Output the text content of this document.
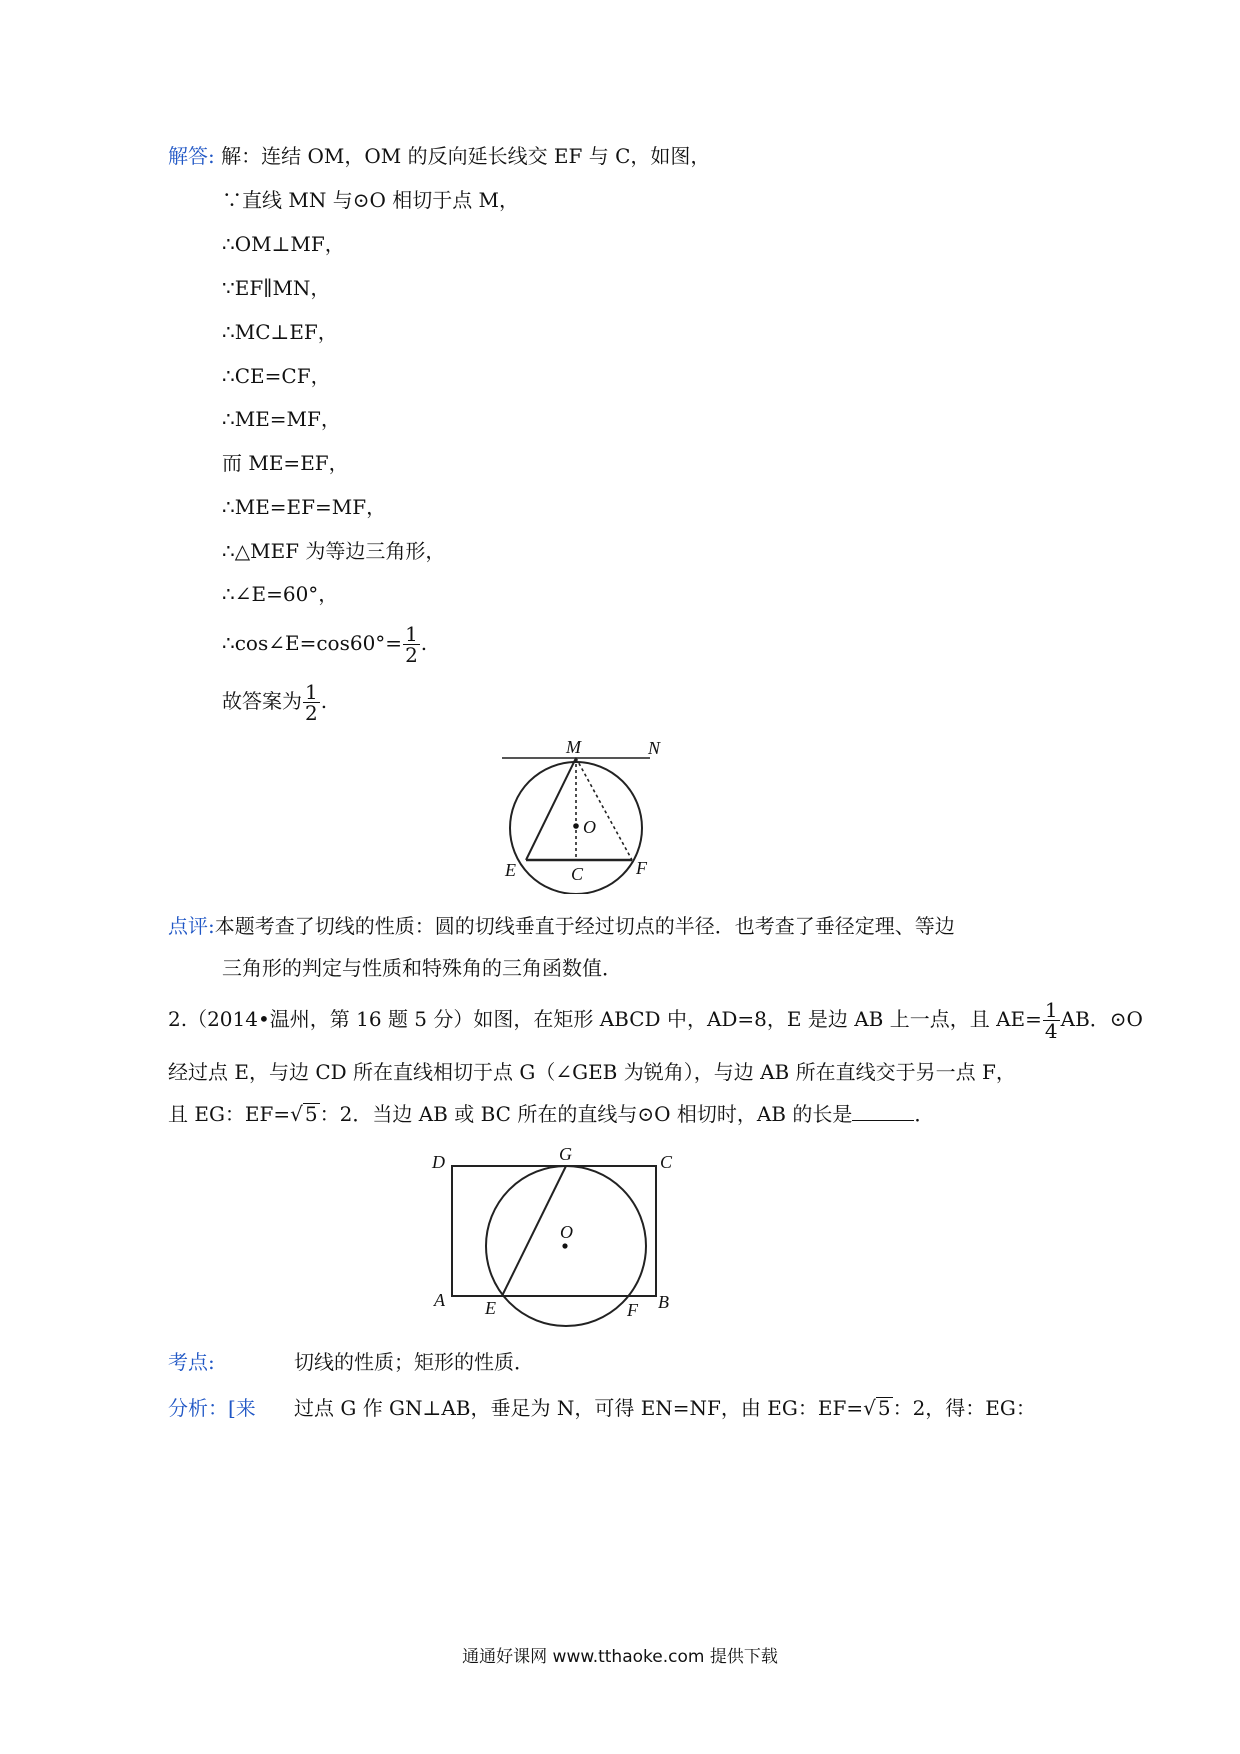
解答: 解：连结 OM，OM 的反向延长线交 EF 与 C，如图，
∵直线 MN 与⊙O 相切于点 M，
∴OM⊥MF，
∵EF∥MN，
∴MC⊥EF，
∴CE=CF，
∴ME=MF，
而 ME=EF，
∴ME=EF=MF，
∴△MEF 为等边三角形，
∴∠E=60°，
∴cos∠E=cos60°= $\frac{1}{2}$ .
故答案为 $\frac{1}{2}$ .
M	N
O
E	C	F
点评:本题考查了切线的性质：圆的切线垂直于经过切点的半径．也考查了垂径定理、等边
三角形的判定与性质和特殊角的三角函数值．
2.（2014•温州，第 16 题 5 分）如图，在矩形 ABCD 中，AD=8，E 是边 AB 上一点，且 $AE= \frac{1}{4}$ AB．⊙O
经过点 E，与边 CD 所在直线相切于点 G（∠GEB 为锐角），与边 AB 所在直线交于另一点 F，
且 EG：EF=√ 5 ：2．当边 AB 或 BC 所在的直线与⊙O 相切时，AB 的长是	．
D	G	C
O
A E	F B
考点:	切线的性质；矩形的性质．
分析：[来 过点 G 作 GN⊥AB，垂足为 N，可得 EN=NF，由 EG：EF=√ 5 ：2，得：EG：
通通好课网 www.tthaoke.com 提供下载
